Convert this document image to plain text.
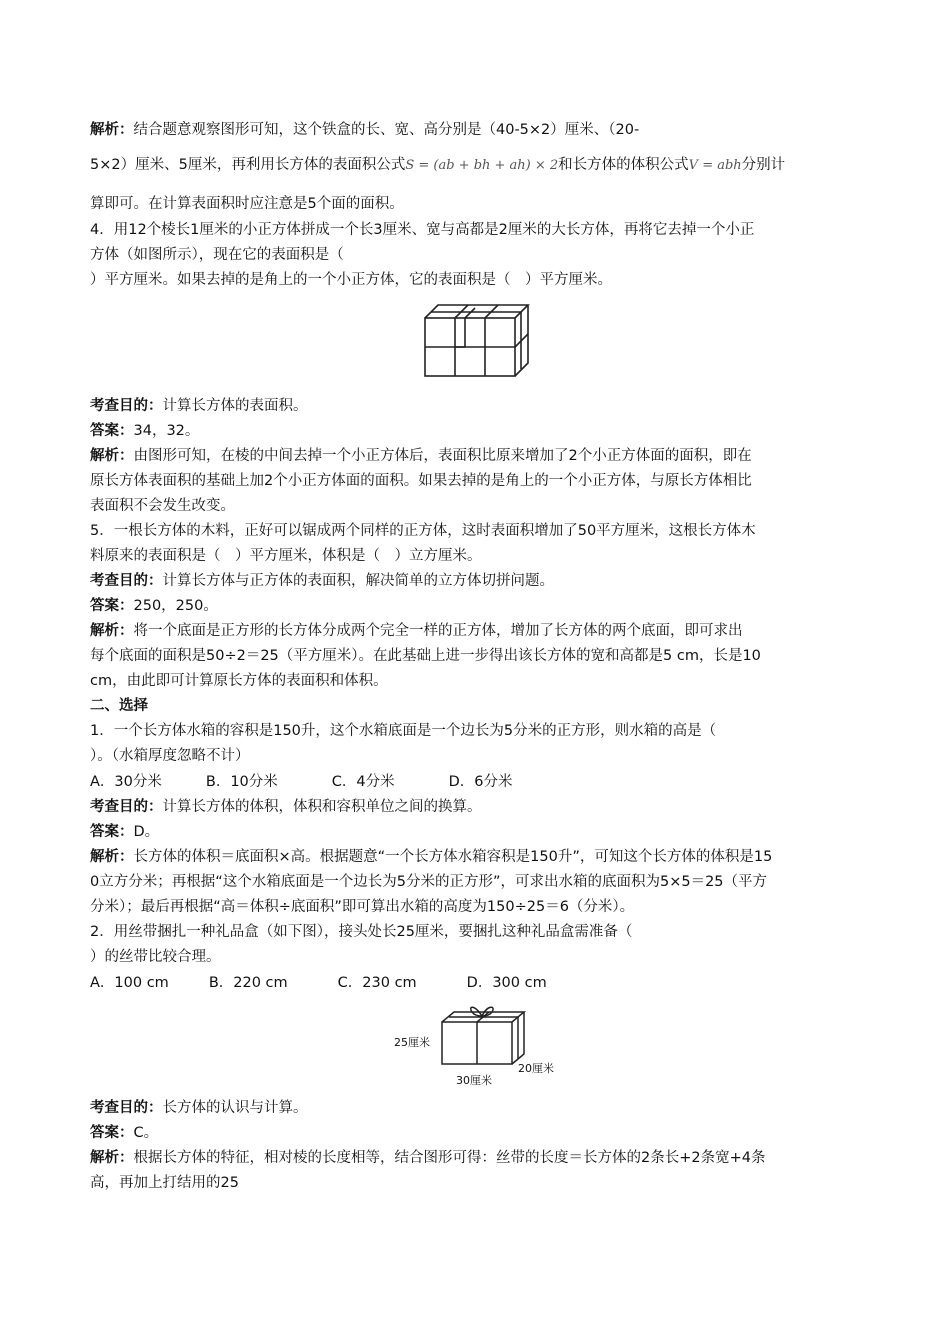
解析：结合题意观察图形可知，这个铁盒的长、宽、高分别是（40-5×2）厘米、（20-
5×2）厘米、5厘米，再利用长方体的表面积公式S = (ab + bh + ah) × 2和长方体的体积公式V = abh分别计
算即可。在计算表面积时应注意是5个面的面积。
4．用12个棱长1厘米的小正方体拼成一个长3厘米、宽与高都是2厘米的大长方体，再将它去掉一个小正
方体（如图所示），现在它的表面积是（
）平方厘米。如果去掉的是角上的一个小正方体，它的表面积是（　）平方厘米。
考查目的：计算长方体的表面积。
答案：34，32。
解析：由图形可知，在棱的中间去掉一个小正方体后，表面积比原来增加了2个小正方体面的面积，即在
原长方体表面积的基础上加2个小正方体面的面积。如果去掉的是角上的一个小正方体，与原长方体相比
表面积不会发生改变。
5．一根长方体的木料，正好可以锯成两个同样的正方体，这时表面积增加了50平方厘米，这根长方体木
料原来的表面积是（　）平方厘米，体积是（　）立方厘米。
考查目的：计算长方体与正方体的表面积，解决简单的立方体切拼问题。
答案：250，250。
解析：将一个底面是正方形的长方体分成两个完全一样的正方体，增加了长方体的两个底面，即可求出
每个底面的面积是50÷2＝25（平方厘米）。在此基础上进一步得出该长方体的宽和高都是5 cm，长是10
cm，由此即可计算原长方体的表面积和体积。
二、选择
1．一个长方体水箱的容积是150升，这个水箱底面是一个边长为5分米的正方形，则水箱的高是（
）。（水箱厚度忽略不计）
A．30分米	B．10分米	C．4分米	D．6分米
考查目的：计算长方体的体积，体积和容积单位之间的换算。
答案：D。
解析：长方体的体积＝底面积×高。根据题意“一个长方体水箱容积是150升”，可知这个长方体的体积是15
0立方分米；再根据“这个水箱底面是一个边长为5分米的正方形”，可求出水箱的底面积为5×5＝25（平方
分米）；最后再根据“高＝体积÷底面积”即可算出水箱的高度为150÷25＝6（分米）。
2．用丝带捆扎一种礼品盒（如下图），接头处长25厘米，要捆扎这种礼品盒需准备（
）的丝带比较合理。
A．100 cm	B．220 cm	C．230 cm	D．300 cm
25厘米
30厘米
20厘米
考查目的：长方体的认识与计算。
答案：C。
解析：根据长方体的特征，相对棱的长度相等，结合图形可得：丝带的长度＝长方体的2条长+2条宽+4条
高，再加上打结用的25
